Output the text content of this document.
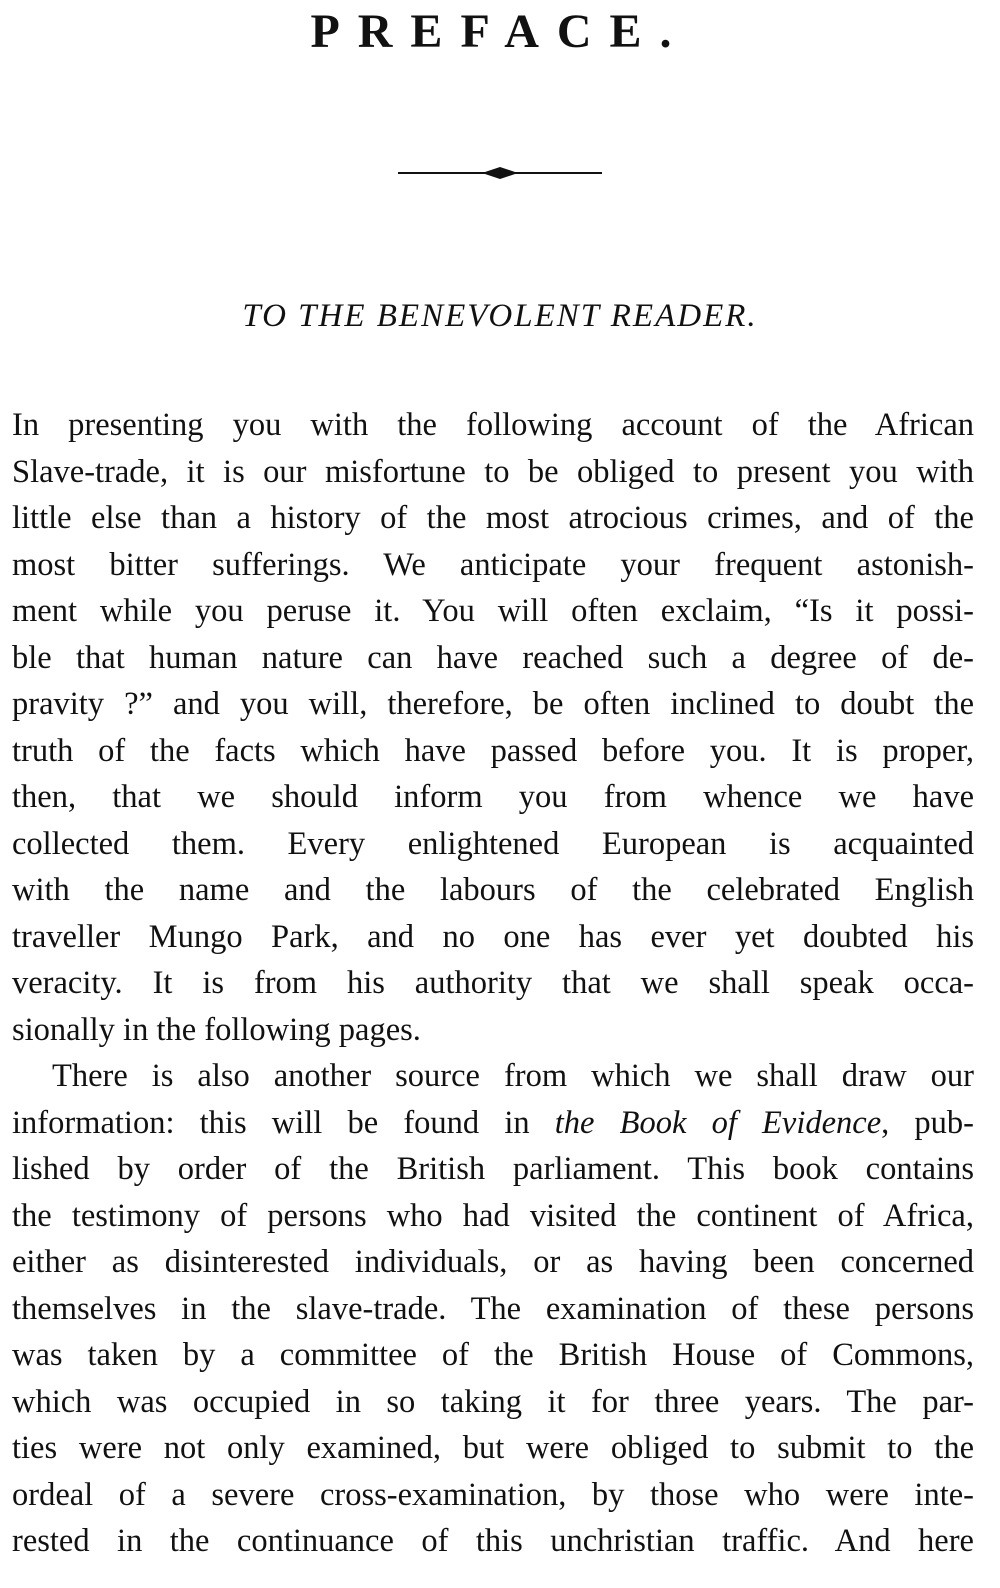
PREFACE.
TO THE BENEVOLENT READER.
In presenting you with the following account of the African
Slave-trade, it is our misfortune to be obliged to present you with
little else than a history of the most atrocious crimes, and of the
most bitter sufferings. We anticipate your frequent astonish-
ment while you peruse it. You will often exclaim, “Is it possi-
ble that human nature can have reached such a degree of de-
pravity ?” and you will, therefore, be often inclined to doubt the
truth of the facts which have passed before you. It is proper,
then, that we should inform you from whence we have
collected them. Every enlightened European is acquainted
with the name and the labours of the celebrated English
traveller Mungo Park, and no one has ever yet doubted his
veracity. It is from his authority that we shall speak occa-
sionally in the following pages.
There is also another source from which we shall draw our
information: this will be found in the Book of Evidence, pub-
lished by order of the British parliament. This book contains
the testimony of persons who had visited the continent of Africa,
either as disinterested individuals, or as having been concerned
themselves in the slave-trade. The examination of these persons
was taken by a committee of the British House of Commons,
which was occupied in so taking it for three years. The par-
ties were not only examined, but were obliged to submit to the
ordeal of a severe cross-examination, by those who were inte-
rested in the continuance of this unchristian traffic. And here
